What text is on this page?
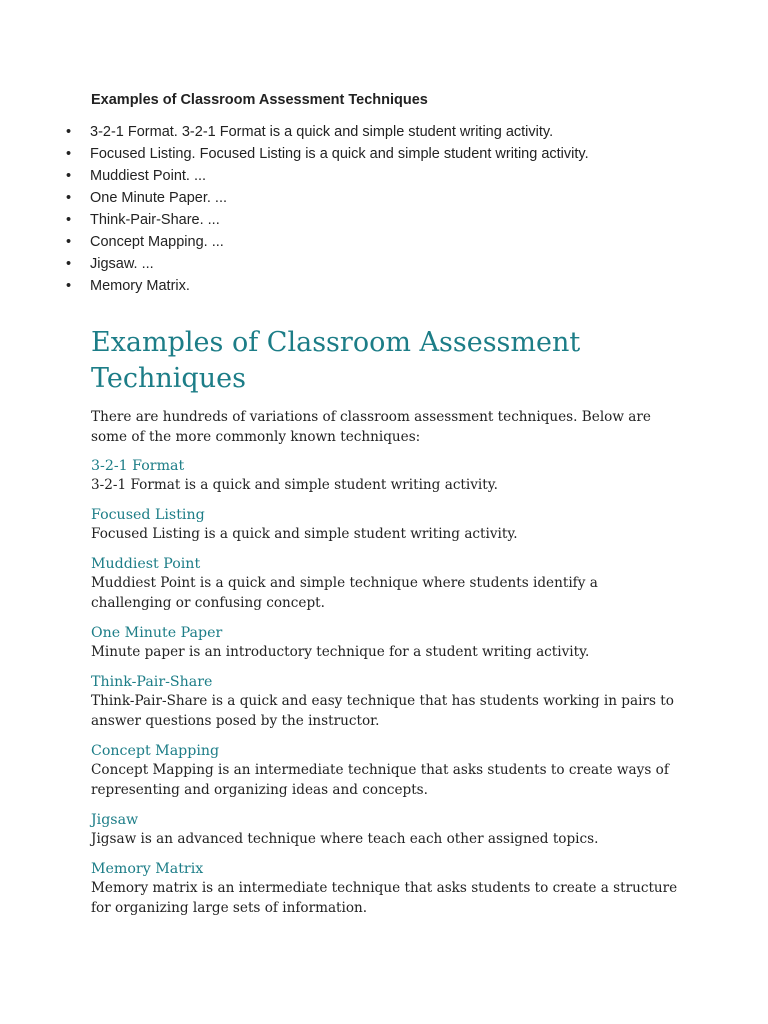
Examples of Classroom Assessment Techniques
•	3-2-1 Format. 3-2-1 Format is a quick and simple student writing activity.
•	Focused Listing. Focused Listing is a quick and simple student writing activity.
•	Muddiest Point. ...
•	One Minute Paper. ...
•	Think-Pair-Share. ...
•	Concept Mapping. ...
•	Jigsaw. ...
•	Memory Matrix.
Examples of Classroom Assessment
Techniques

There are hundreds of variations of classroom assessment techniques. Below are
some of the more commonly known techniques:

3-2-1 Format

3-2-1 Format is a quick and simple student writing activity.

Focused Listing

Focused Listing is a quick and simple student writing activity.

Muddiest Point

Muddiest Point is a quick and simple technique where students identify a
challenging or confusing concept.

One Minute Paper

Minute paper is an introductory technique for a student writing activity.

Think-Pair-Share

Think-Pair-Share is a quick and easy technique that has students working in pairs to
answer questions posed by the instructor.

Concept Mapping

Concept Mapping is an intermediate technique that asks students to create ways of
representing and organizing ideas and concepts.

Jigsaw

Jigsaw is an advanced technique where teach each other assigned topics.

Memory Matrix

Memory matrix is an intermediate technique that asks students to create a structure
for organizing large sets of information.
